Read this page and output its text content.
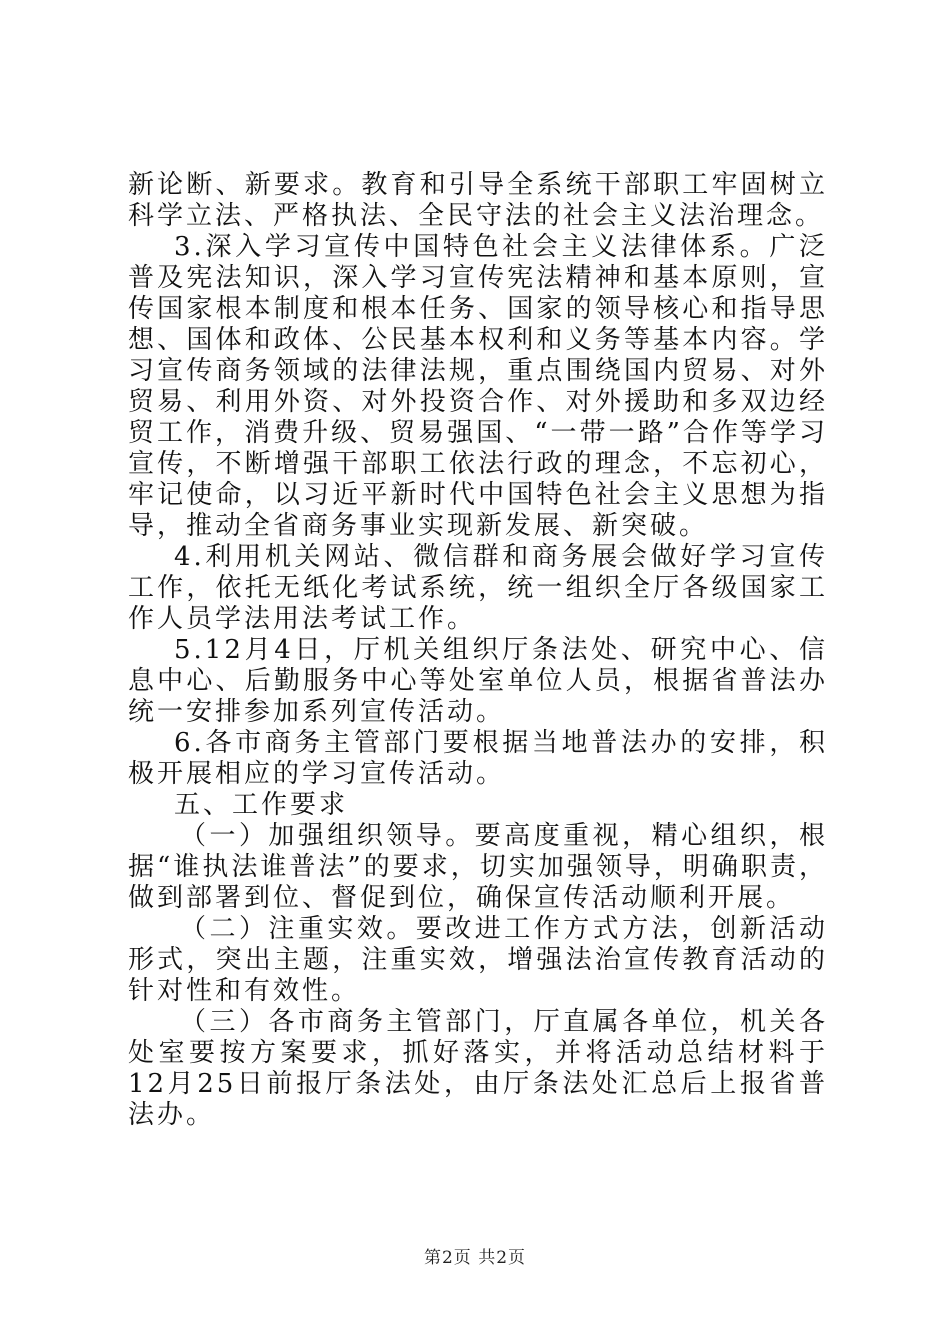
新论断、新要求。教育和引导全系统干部职工牢固树立科学立法、严格执法、全民守法的社会主义法治理念。

3.深入学习宣传中国特色社会主义法律体系。广泛普及宪法知识，深入学习宣传宪法精神和基本原则，宣传国家根本制度和根本任务、国家的领导核心和指导思想、国体和政体、公民基本权利和义务等基本内容。学习宣传商务领域的法律法规，重点围绕国内贸易、对外贸易、利用外资、对外投资合作、对外援助和多双边经贸工作，消费升级、贸易强国、“一带一路”合作等学习宣传，不断增强干部职工依法行政的理念，不忘初心，牢记使命，以习近平新时代中国特色社会主义思想为指导，推动全省商务事业实现新发展、新突破。

4.利用机关网站、微信群和商务展会做好学习宣传工作，依托无纸化考试系统，统一组织全厅各级国家工作人员学法用法考试工作。

5.12月4日，厅机关组织厅条法处、研究中心、信息中心、后勤服务中心等处室单位人员，根据省普法办统一安排参加系列宣传活动。

6.各市商务主管部门要根据当地普法办的安排，积极开展相应的学习宣传活动。

五、工作要求

（一）加强组织领导。要高度重视，精心组织，根据“谁执法谁普法”的要求，切实加强领导，明确职责，做到部署到位、督促到位，确保宣传活动顺利开展。

（二）注重实效。要改进工作方式方法，创新活动形式，突出主题，注重实效，增强法治宣传教育活动的针对性和有效性。

（三）各市商务主管部门，厅直属各单位，机关各处室要按方案要求，抓好落实，并将活动总结材料于12月25日前报厅条法处，由厅条法处汇总后上报省普法办。

第2页 共2页
